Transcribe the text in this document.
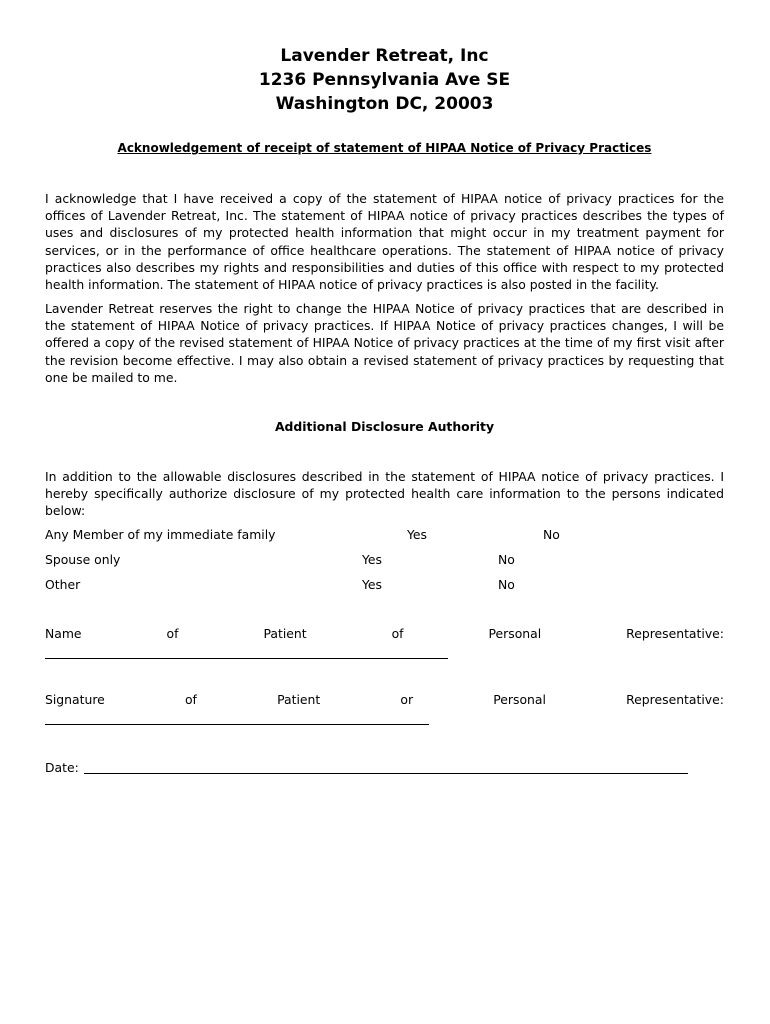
Lavender Retreat, Inc
1236 Pennsylvania Ave SE
Washington DC, 20003
Acknowledgement of receipt of statement of HIPAA Notice of Privacy Practices

I acknowledge that I have received a copy of the statement of HIPAA notice of privacy practices for the offices of Lavender Retreat, Inc. The statement of HIPAA notice of privacy practices describes the types of uses and disclosures of my protected health information that might occur in my treatment payment for services, or in the performance of office healthcare operations. The statement of HIPAA notice of privacy practices also describes my rights and responsibilities and duties of this office with respect to my protected health information. The statement of HIPAA notice of privacy practices is also posted in the facility.

Lavender Retreat reserves the right to change the HIPAA Notice of privacy practices that are described in the statement of HIPAA Notice of privacy practices. If HIPAA Notice of privacy practices changes, I will be offered a copy of the revised statement of HIPAA Notice of privacy practices at the time of my first visit after the revision become effective. I may also obtain a revised statement of privacy practices by requesting that one be mailed to me.

Additional Disclosure Authority

In addition to the allowable disclosures described in the statement of HIPAA notice of privacy practices. I hereby specifically authorize disclosure of my protected health care information to the persons indicated below:

Any Member of my immediate family	Yes	No
Spouse only	Yes	No
Other	Yes	No
Name	of	Patient	of	Personal	Representative:
Signature	of	Patient	or	Personal	Representative:
Date:
